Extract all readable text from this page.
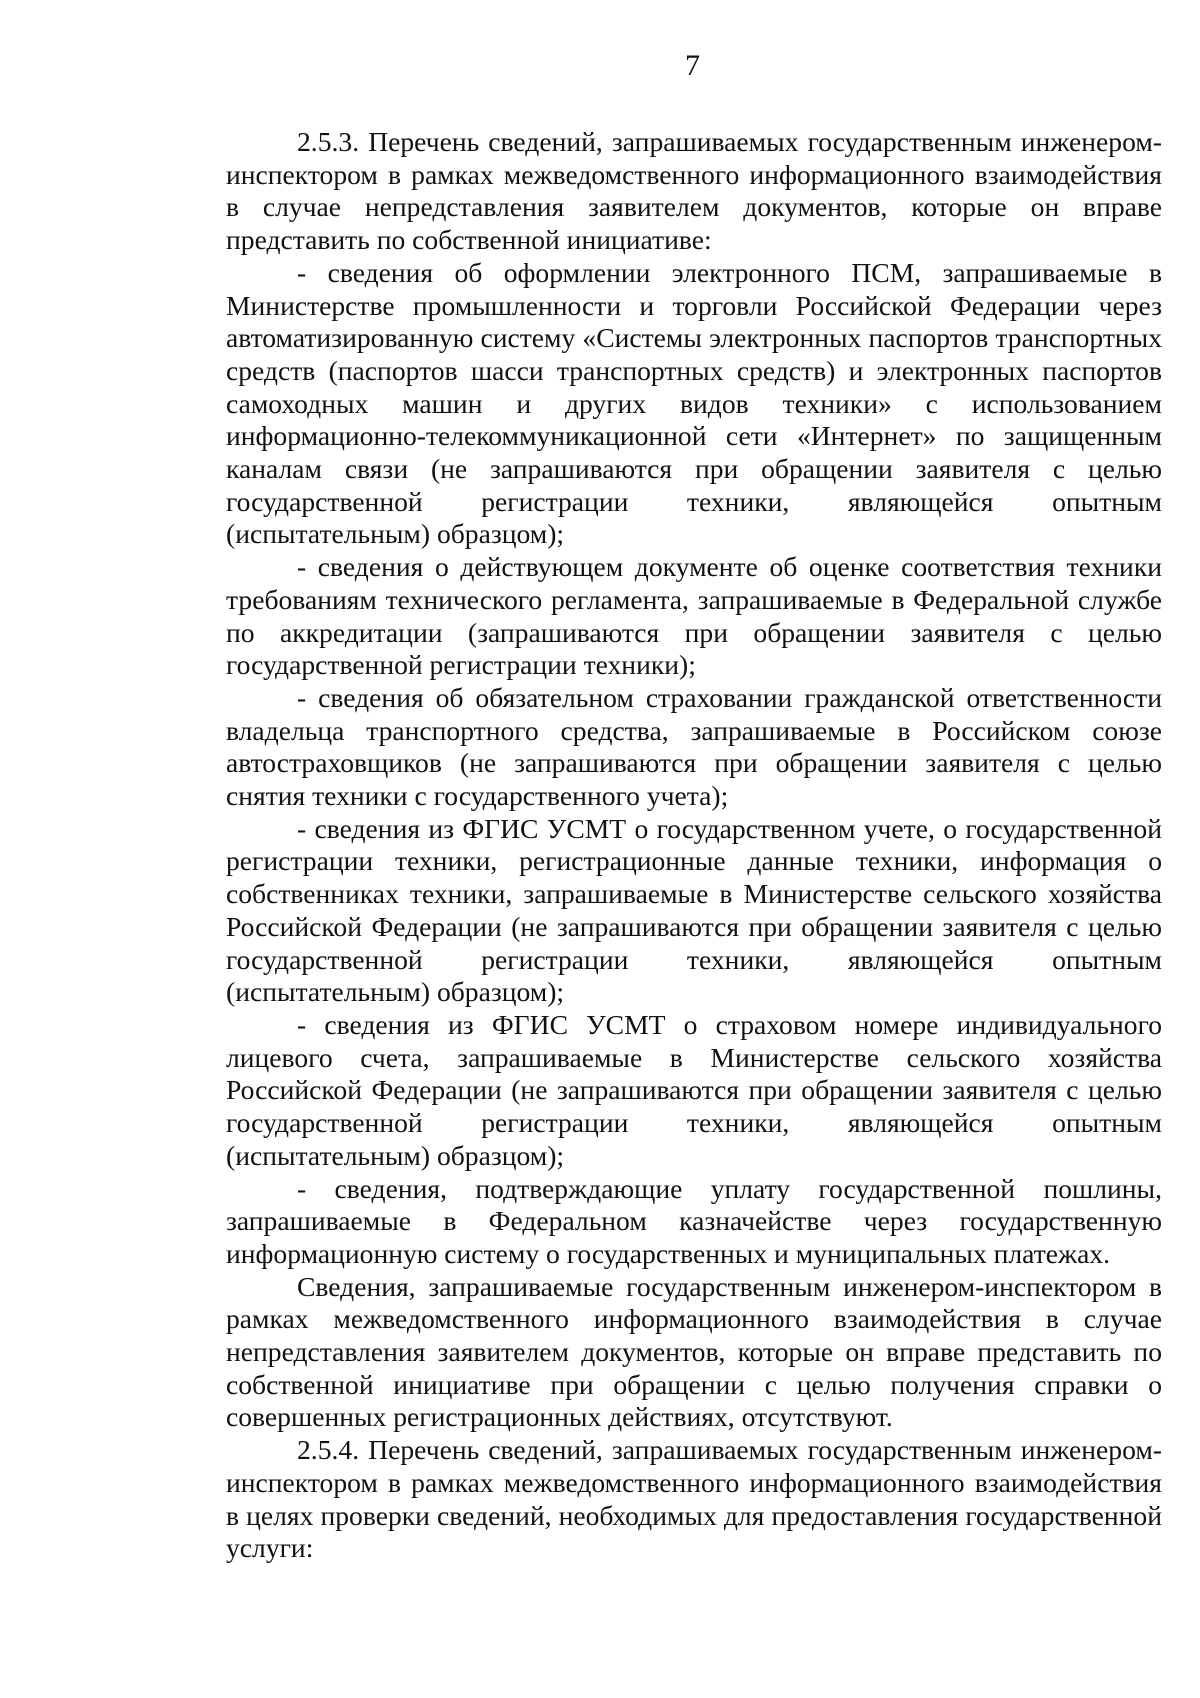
7

2.5.3. Перечень сведений, запрашиваемых государственным инженером-инспектором в рамках межведомственного информационного взаимодействия в случае непредставления заявителем документов, которые он вправе представить по собственной инициативе:

- сведения об оформлении электронного ПСМ, запрашиваемые в Министерстве промышленности и торговли Российской Федерации через автоматизированную систему «Системы электронных паспортов транспортных средств (паспортов шасси транспортных средств) и электронных паспортов самоходных машин и других видов техники» с использованием информационно-телекоммуникационной сети «Интернет» по защищенным каналам связи (не запрашиваются при обращении заявителя с целью государственной регистрации техники, являющейся опытным (испытательным) образцом);

- сведения о действующем документе об оценке соответствия техники требованиям технического регламента, запрашиваемые в Федеральной службе по аккредитации (запрашиваются при обращении заявителя с целью государственной регистрации техники);

- сведения об обязательном страховании гражданской ответственности владельца транспортного средства, запрашиваемые в Российском союзе автостраховщиков (не запрашиваются при обращении заявителя с целью снятия техники с государственного учета);

- сведения из ФГИС УСМТ о государственном учете, о государственной регистрации техники, регистрационные данные техники, информация о собственниках техники, запрашиваемые в Министерстве сельского хозяйства Российской Федерации (не запрашиваются при обращении заявителя с целью государственной регистрации техники, являющейся опытным (испытательным) образцом);

- сведения из ФГИС УСМТ о страховом номере индивидуального лицевого счета, запрашиваемые в Министерстве сельского хозяйства Российской Федерации (не запрашиваются при обращении заявителя с целью государственной регистрации техники, являющейся опытным (испытательным) образцом);

- сведения, подтверждающие уплату государственной пошлины, запрашиваемые в Федеральном казначействе через государственную информационную систему о государственных и муниципальных платежах.

Сведения, запрашиваемые государственным инженером-инспектором в рамках межведомственного информационного взаимодействия в случае непредставления заявителем документов, которые он вправе представить по собственной инициативе при обращении с целью получения справки о совершенных регистрационных действиях, отсутствуют.

2.5.4. Перечень сведений, запрашиваемых государственным инженером-инспектором в рамках межведомственного информационного взаимодействия в целях проверки сведений, необходимых для предоставления государственной услуги:
